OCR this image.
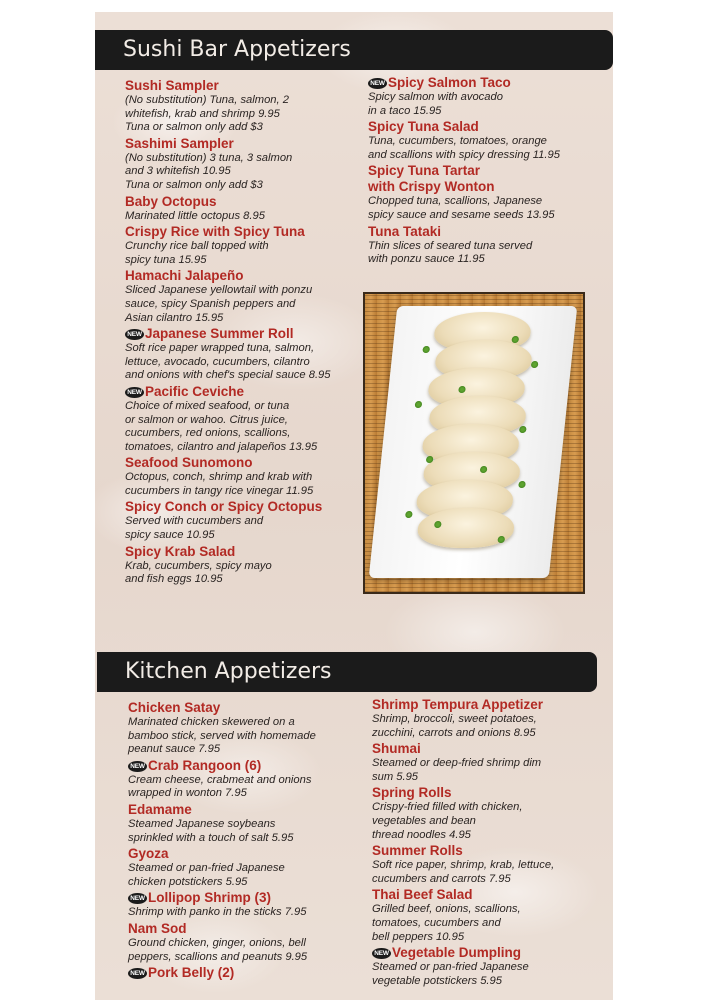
Sushi Bar Appetizers
Sushi Sampler
(No substitution) Tuna, salmon, 2
whitefish, krab and shrimp 9.95
Tuna or salmon only add $3
Sashimi Sampler
(No substitution) 3 tuna, 3 salmon
and 3 whitefish 10.95
Tuna or salmon only add $3
Baby Octopus
Marinated little octopus 8.95
Crispy Rice with Spicy Tuna
Crunchy rice ball topped with
spicy tuna 15.95
Hamachi Jalapeño
Sliced Japanese yellowtail with ponzu
sauce, spicy Spanish peppers and
Asian cilantro 15.95
NEW Japanese Summer Roll
Soft rice paper wrapped tuna, salmon,
lettuce, avocado, cucumbers, cilantro
and onions with chef's special sauce 8.95
NEW Pacific Ceviche
Choice of mixed seafood, or tuna
or salmon or wahoo. Citrus juice,
cucumbers, red onions, scallions,
tomatoes, cilantro and jalapeños 13.95
Seafood Sunomono
Octopus, conch, shrimp and krab with
cucumbers in tangy rice vinegar 11.95
Spicy Conch or Spicy Octopus
Served with cucumbers and
spicy sauce 10.95
Spicy Krab Salad
Krab, cucumbers, spicy mayo
and fish eggs 10.95
NEW Spicy Salmon Taco
Spicy salmon with avocado
in a taco 15.95
Spicy Tuna Salad
Tuna, cucumbers, tomatoes, orange
and scallions with spicy dressing 11.95
Spicy Tuna Tartar
with Crispy Wonton
Chopped tuna, scallions, Japanese
spicy sauce and sesame seeds 13.95
Tuna Tataki
Thin slices of seared tuna served
with ponzu sauce 11.95
Kitchen Appetizers
Chicken Satay
Marinated chicken skewered on a
bamboo stick, served with homemade
peanut sauce 7.95
NEW Crab Rangoon (6)
Cream cheese, crabmeat and onions
wrapped in wonton 7.95
Edamame
Steamed Japanese soybeans
sprinkled with a touch of salt 5.95
Gyoza
Steamed or pan-fried Japanese
chicken potstickers 5.95
NEW Lollipop Shrimp (3)
Shrimp with panko in the sticks 7.95
Nam Sod
Ground chicken, ginger, onions, bell
peppers, scallions and peanuts 9.95
NEW Pork Belly (2)
Shrimp Tempura Appetizer
Shrimp, broccoli, sweet potatoes,
zucchini, carrots and onions 8.95
Shumai
Steamed or deep-fried shrimp dim
sum 5.95
Spring Rolls
Crispy-fried filled with chicken,
vegetables and bean
thread noodles 4.95
Summer Rolls
Soft rice paper, shrimp, krab, lettuce,
cucumbers and carrots 7.95
Thai Beef Salad
Grilled beef, onions, scallions,
tomatoes, cucumbers and
bell peppers 10.95
NEW Vegetable Dumpling
Steamed or pan-fried Japanese
vegetable potstickers 5.95
